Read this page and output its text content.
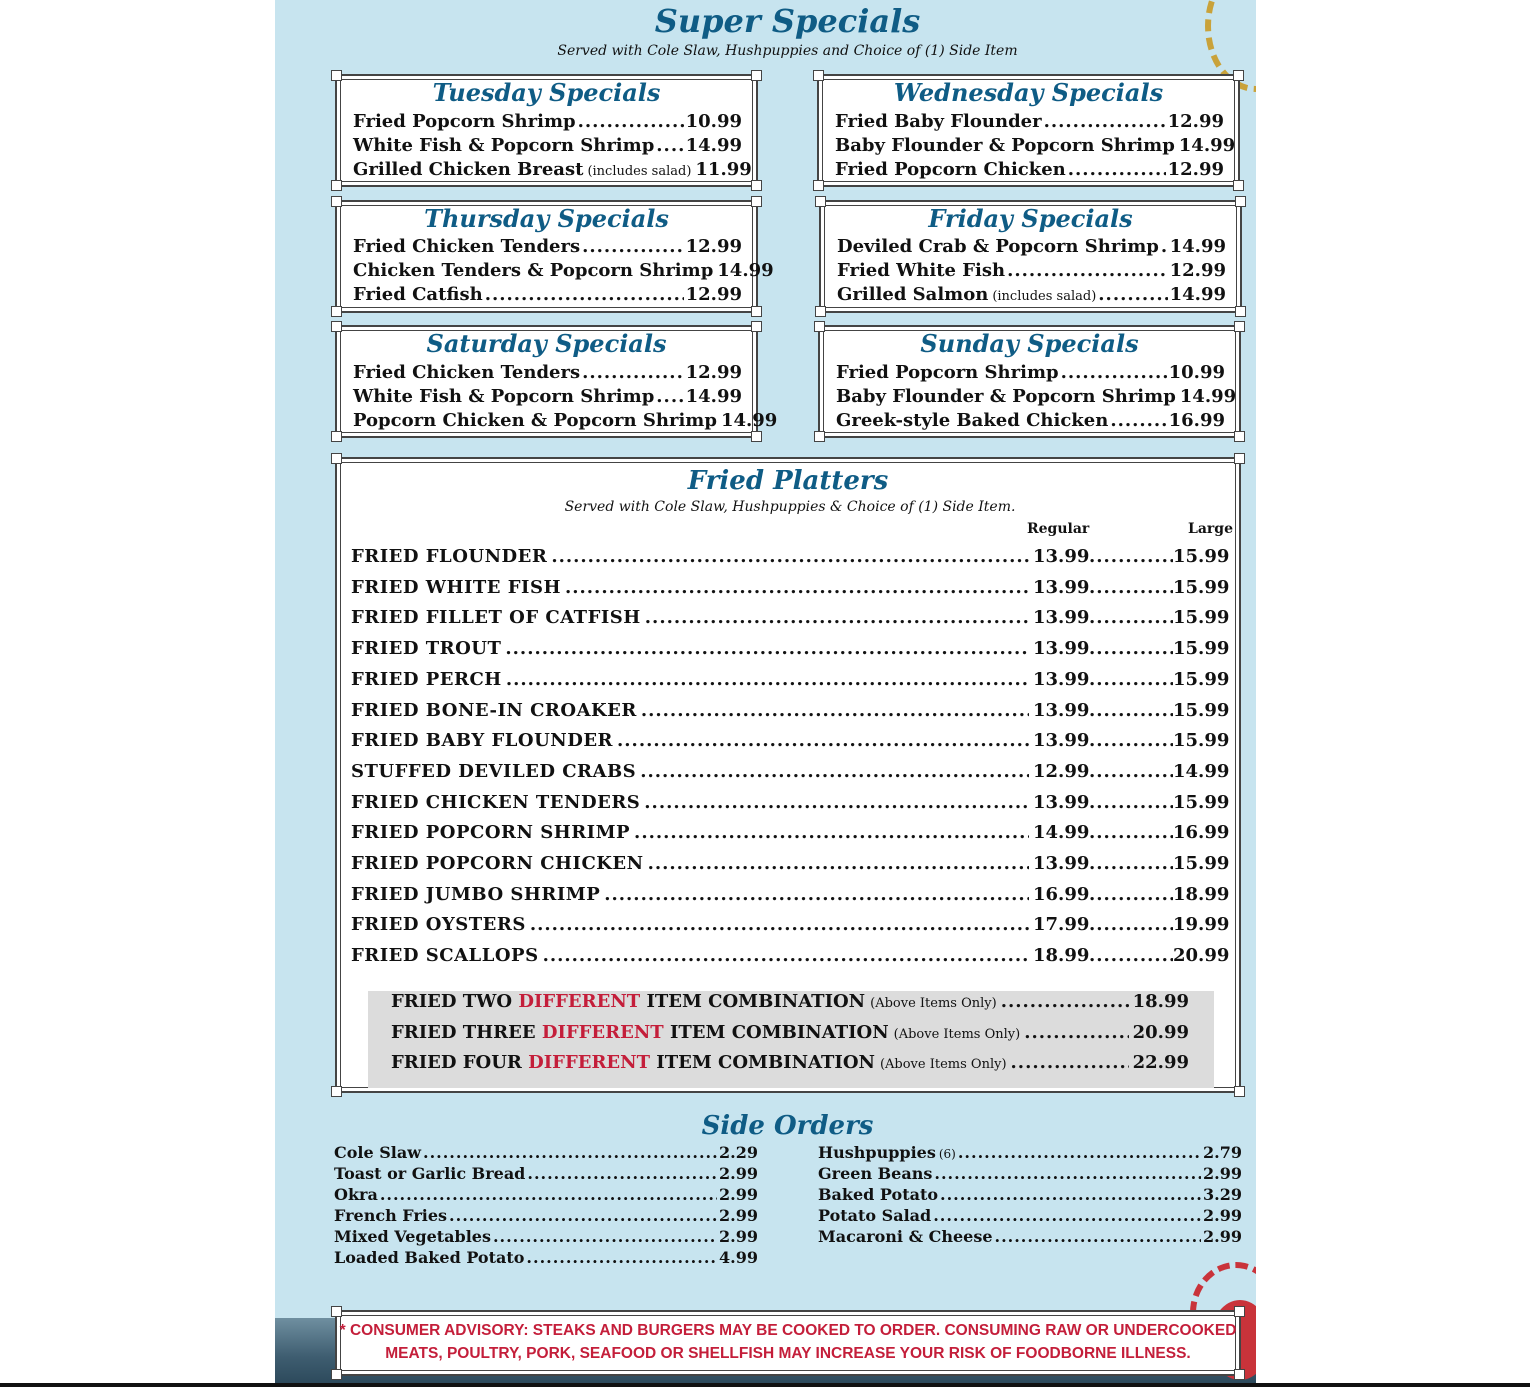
Super Specials
Served with Cole Slaw, Hushpuppies and Choice of (1) Side Item
Tuesday Specials
Fried Popcorn Shrimp .....	10.99
White Fish & Popcorn Shrimp ..... 14.99
Grilled Chicken Breast (includes salad) 11.99
Wednesday Specials
Fried Baby Flounder .....	12.99
Baby Flounder & Popcorn Shrimp 14.99
Fried Popcorn Chicken .....	12.99
Thursday Specials
Fried Chicken Tenders .....	12.99
Chicken Tenders & Popcorn Shrimp 14.99
Fried Catfish .....	12.99
Friday Specials
Deviled Crab & Popcorn Shrimp ..... 14.99
Fried White Fish .....	12.99
Grilled Salmon (includes salad) .....	14.99
Saturday Specials
Fried Chicken Tenders .....	12.99
White Fish & Popcorn Shrimp ..... 14.99
Popcorn Chicken & Popcorn Shrimp 14.99
Sunday Specials
Fried Popcorn Shrimp .....	10.99
Baby Flounder & Popcorn Shrimp 14.99
Greek-style Baked Chicken .....	16.99
Fried Platters
Served with Cole Slaw, Hushpuppies & Choice of (1) Side Item.
Regular	Large
FRIED FLOUNDER .....	13.99 .....	15.99
FRIED WHITE FISH .....	13.99 .....	15.99
FRIED FILLET OF CATFISH .....	13.99 .....	15.99
FRIED TROUT .....	13.99 .....	15.99
FRIED PERCH .....	13.99 .....	15.99
FRIED BONE-IN CROAKER .....	13.99 .....	15.99
FRIED BABY FLOUNDER .....	13.99 .....	15.99
STUFFED DEVILED CRABS .....	12.99 .....	14.99
FRIED CHICKEN TENDERS .....	13.99 .....	15.99
FRIED POPCORN SHRIMP .....	14.99 .....	16.99
FRIED POPCORN CHICKEN .....	13.99 .....	15.99
FRIED JUMBO SHRIMP .....	16.99 .....	18.99
FRIED OYSTERS .....	17.99 .....	19.99
FRIED SCALLOPS .....	18.99 .....	20.99
FRIED TWO
DIFFERENT
ITEM COMBINATION (Above Items Only) .....	18.99
FRIED THREE
DIFFERENT
ITEM COMBINATION (Above Items Only) .....	20.99
FRIED FOUR
DIFFERENT
ITEM COMBINATION (Above Items Only) .....	22.99
Side Orders
Cole Slaw .....	2.29
Toast or Garlic Bread .....	2.99
Okra .....	2.99
French Fries .....	2.99
Mixed Vegetables .....	2.99
Loaded Baked Potato .....	4.99
Hushpuppies (6) .....	2.79
Green Beans .....	2.99
Baked Potato .....	3.29
Potato Salad .....	2.99
Macaroni & Cheese .....	2.99
* CONSUMER ADVISORY: STEAKS AND BURGERS MAY BE COOKED TO ORDER. CONSUMING RAW OR UNDERCOOKED
MEATS, POULTRY, PORK, SEAFOOD OR SHELLFISH MAY INCREASE YOUR RISK OF FOODBORNE ILLNESS.
